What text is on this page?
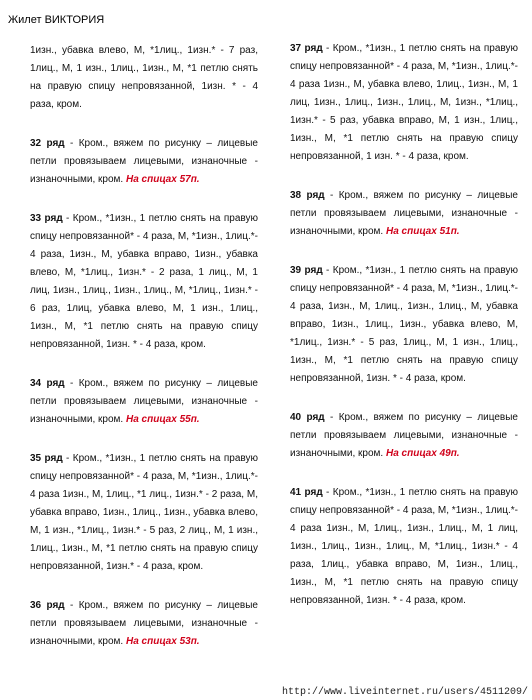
Жилет ВИКТОРИЯ

1изн., убавка влево, М, *1лиц., 1изн.* - 7 раз, 1лиц., М, 1 изн., 1лиц., 1изн., М, *1 петлю снять на правую спицу непровязанной, 1изн. * - 4 раза, кром.

32 ряд - Кром., вяжем по рисунку – лицевые петли провязываем лицевыми, изнаночные - изнаночными, кром. На спицах 57п.

33 ряд - Кром., *1изн., 1 петлю снять на правую спицу непровязанной* - 4 раза, М, *1изн., 1лиц.*- 4 раза, 1изн., М, убавка вправо, 1изн., убавка влево, М, *1лиц., 1изн.* - 2 раза, 1 лиц., М, 1 лиц, 1изн., 1лиц., 1изн., 1лиц., М, *1лиц., 1изн.* - 6 раз, 1лиц, убавка влево, М, 1 изн., 1лиц., 1изн., М, *1 петлю снять на правую спицу непровязанной, 1изн. * - 4 раза, кром.

34 ряд - Кром., вяжем по рисунку – лицевые петли провязываем лицевыми, изнаночные - изнаночными, кром. На спицах 55п.

35 ряд - Кром., *1изн., 1 петлю снять на правую спицу непровязанной* - 4 раза, М, *1изн., 1лиц.*- 4 раза 1изн., М, 1лиц., *1 лиц., 1изн.* - 2 раза, М, убавка вправо, 1изн., 1лиц., 1изн., убавка влево, М, 1 изн., *1лиц., 1изн.* - 5 раз, 2 лиц., М, 1 изн., 1лиц., 1изн., М, *1 петлю снять на правую спицу непровязанной, 1изн.* - 4 раза, кром.

36 ряд - Кром., вяжем по рисунку – лицевые петли провязываем лицевыми, изнаночные - изнаночными, кром. На спицах 53п.

37 ряд - Кром., *1изн., 1 петлю снять на правую спицу непровязанной* - 4 раза, М, *1изн., 1лиц.*- 4 раза 1изн., М, убавка влево, 1лиц., 1изн., М, 1 лиц, 1изн., 1лиц., 1изн., 1лиц., М, 1изн., *1лиц., 1изн.* - 5 раз, убавка вправо, М, 1 изн., 1лиц., 1изн., М, *1 петлю снять на правую спицу непровязанной, 1 изн. * - 4 раза, кром.

38 ряд - Кром., вяжем по рисунку – лицевые петли провязываем лицевыми, изнаночные - изнаночными, кром. На спицах 51п.

39 ряд - Кром., *1изн., 1 петлю снять на правую спицу непровязанной* - 4 раза, М, *1изн., 1лиц.*- 4 раза, 1изн., М, 1лиц., 1изн., 1лиц., М, убавка вправо, 1изн., 1лиц., 1изн., убавка влево, М, *1лиц., 1изн.* - 5 раз, 1лиц., М, 1 изн., 1лиц., 1изн., М, *1 петлю снять на правую спицу непровязанной, 1изн. * - 4 раза, кром.

40 ряд - Кром., вяжем по рисунку – лицевые петли провязываем лицевыми, изнаночные - изнаночными, кром. На спицах 49п.

41 ряд - Кром., *1изн., 1 петлю снять на правую спицу непровязанной* - 4 раза, М, *1изн., 1лиц.*- 4 раза 1изн., М, 1лиц., 1изн., 1лиц., М, 1 лиц, 1изн., 1лиц., 1изн., 1лиц., М, *1лиц., 1изн.* - 4 раза, 1лиц., убавка вправо, М, 1изн., 1лиц., 1изн., М, *1 петлю снять на правую спицу непровязанной, 1изн. * - 4 раза, кром.

http://www.liveinternet.ru/users/4511209/
